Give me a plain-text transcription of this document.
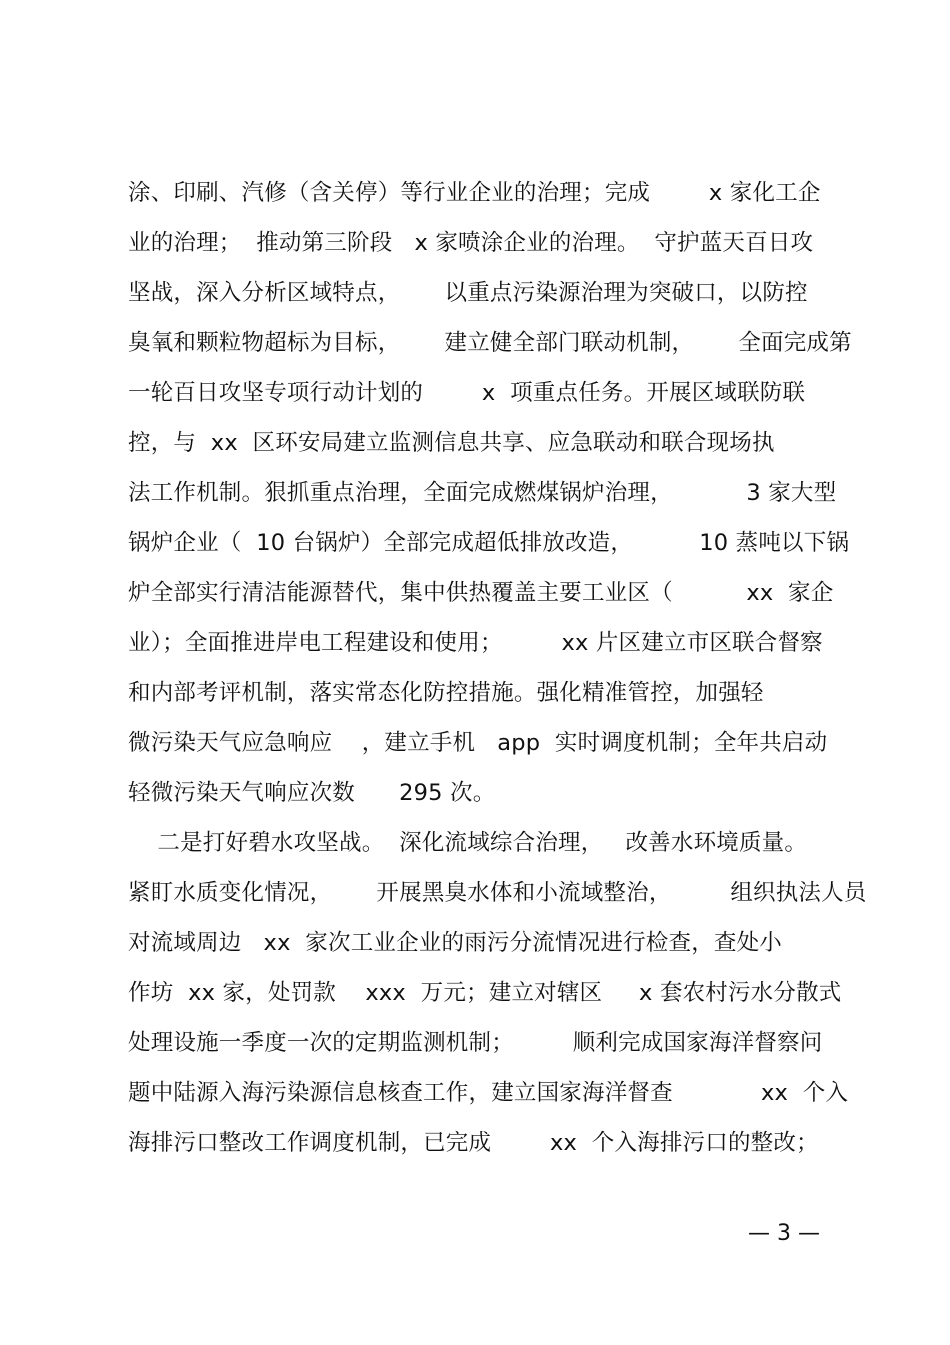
涂、印刷、汽修（含关停）等行业企业的治理；完成        x 家化工企
业的治理；  推动第三阶段   x 家喷涂企业的治理。  守护蓝天百日攻
坚战，深入分析区域特点，      以重点污染源治理为突破口，以防控
臭氧和颗粒物超标为目标，      建立健全部门联动机制，      全面完成第
一轮百日攻坚专项行动计划的        x  项重点任务。开展区域联防联
控，与  xx  区环安局建立监测信息共享、应急联动和联合现场执
法工作机制。狠抓重点治理，全面完成燃煤锅炉治理，          3 家大型
锅炉企业（  10 台锅炉）全部完成超低排放改造，         10 蒸吨以下锅
炉全部实行清洁能源替代，集中供热覆盖主要工业区（          xx  家企
业）；全面推进岸电工程建设和使用；        xx 片区建立市区联合督察
和内部考评机制，落实常态化防控措施。强化精准管控，加强轻
微污染天气应急响应    ，建立手机   app  实时调度机制；全年共启动
轻微污染天气响应次数      295 次。
二是打好碧水攻坚战。  深化流域综合治理，   改善水环境质量。
紧盯水质变化情况，      开展黑臭水体和小流域整治，        组织执法人员
对流域周边   xx  家次工业企业的雨污分流情况进行检查，查处小
作坊  xx 家，处罚款    xxx  万元；建立对辖区     x 套农村污水分散式
处理设施一季度一次的定期监测机制；        顺利完成国家海洋督察问
题中陆源入海污染源信息核查工作，建立国家海洋督查            xx  个入
海排污口整改工作调度机制，已完成        xx  个入海排污口的整改；
— 3 —
